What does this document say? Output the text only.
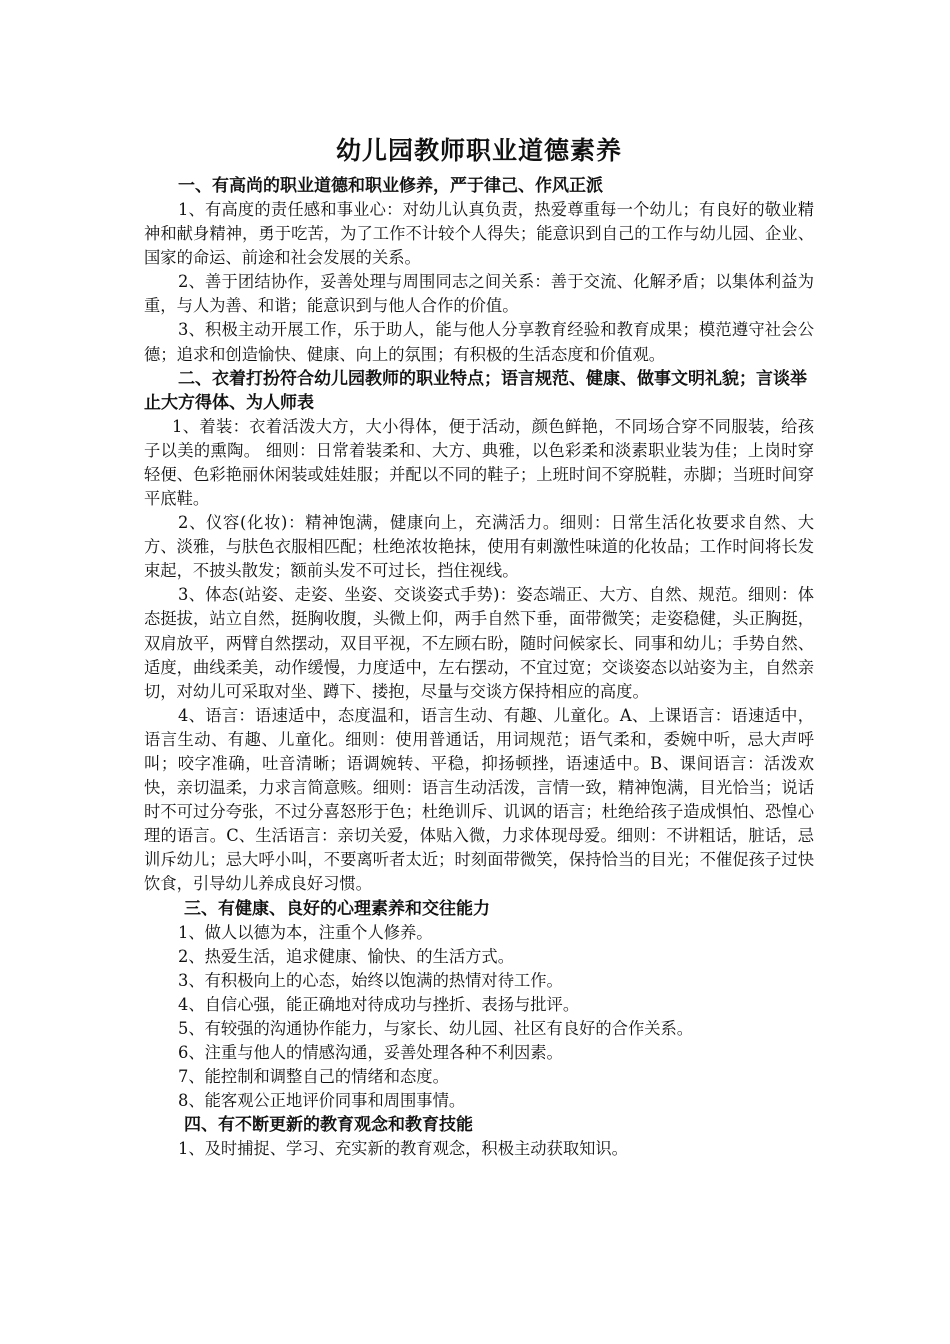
幼儿园教师职业道德素养
一、有高尚的职业道德和职业修养，严于律己、作风正派

1、有高度的责任感和事业心：对幼儿认真负责，热爱尊重每一个幼儿；有良好的敬业精神和献身精神，勇于吃苦，为了工作不计较个人得失；能意识到自己的工作与幼儿园、企业、国家的命运、前途和社会发展的关系。

2、善于团结协作，妥善处理与周围同志之间关系：善于交流、化解矛盾；以集体利益为重，与人为善、和谐；能意识到与他人合作的价值。

3、积极主动开展工作，乐于助人，能与他人分享教育经验和教育成果；模范遵守社会公德；追求和创造愉快、健康、向上的氛围；有积极的生活态度和价值观。

二、衣着打扮符合幼儿园教师的职业特点；语言规范、健康、做事文明礼貌；言谈举止大方得体、为人师表

1、着装：衣着活泼大方，大小得体，便于活动，颜色鲜艳，不同场合穿不同服装，给孩子以美的熏陶。 细则：日常着装柔和、大方、典雅，以色彩柔和淡素职业装为佳；上岗时穿轻便、色彩艳丽休闲装或娃娃服；并配以不同的鞋子；上班时间不穿脱鞋，赤脚；当班时间穿平底鞋。

2、仪容(化妆)：精神饱满，健康向上，充满活力。细则：日常生活化妆要求自然、大方、淡雅，与肤色衣服相匹配；杜绝浓妆艳抹，使用有刺激性味道的化妆品；工作时间将长发束起，不披头散发；额前头发不可过长，挡住视线。

3、体态(站姿、走姿、坐姿、交谈姿式手势)：姿态端正、大方、自然、规范。细则：体态挺拔，站立自然，挺胸收腹，头微上仰，两手自然下垂，面带微笑；走姿稳健，头正胸挺，双肩放平，两臂自然摆动，双目平视，不左顾右盼，随时问候家长、同事和幼儿；手势自然、适度，曲线柔美，动作缓慢，力度适中，左右摆动，不宜过宽；交谈姿态以站姿为主，自然亲切，对幼儿可采取对坐、蹲下、搂抱，尽量与交谈方保持相应的高度。

4、语言：语速适中，态度温和，语言生动、有趣、儿童化。A、上课语言：语速适中，语言生动、有趣、儿童化。细则：使用普通话，用词规范；语气柔和，委婉中听，忌大声呼叫；咬字准确，吐音清晰；语调婉转、平稳，抑扬顿挫，语速适中。B、课间语言：活泼欢快，亲切温柔，力求言简意赅。细则：语言生动活泼，言情一致，精神饱满，目光恰当；说话时不可过分夸张，不过分喜怒形于色；杜绝训斥、讥讽的语言；杜绝给孩子造成惧怕、恐惶心理的语言。C、生活语言：亲切关爱，体贴入微，力求体现母爱。细则：不讲粗话，脏话，忌训斥幼儿；忌大呼小叫，不要离听者太近；时刻面带微笑，保持恰当的目光；不催促孩子过快饮食，引导幼儿养成良好习惯。

三、有健康、良好的心理素养和交往能力
1、做人以德为本，注重个人修养。
2、热爱生活，追求健康、愉快、的生活方式。
3、有积极向上的心态，始终以饱满的热情对待工作。
4、自信心强，能正确地对待成功与挫折、表扬与批评。
5、有较强的沟通协作能力，与家长、幼儿园、社区有良好的合作关系。
6、注重与他人的情感沟通，妥善处理各种不利因素。
7、能控制和调整自己的情绪和态度。
8、能客观公正地评价同事和周围事情。
四、有不断更新的教育观念和教育技能
1、及时捕捉、学习、充实新的教育观念，积极主动获取知识。
